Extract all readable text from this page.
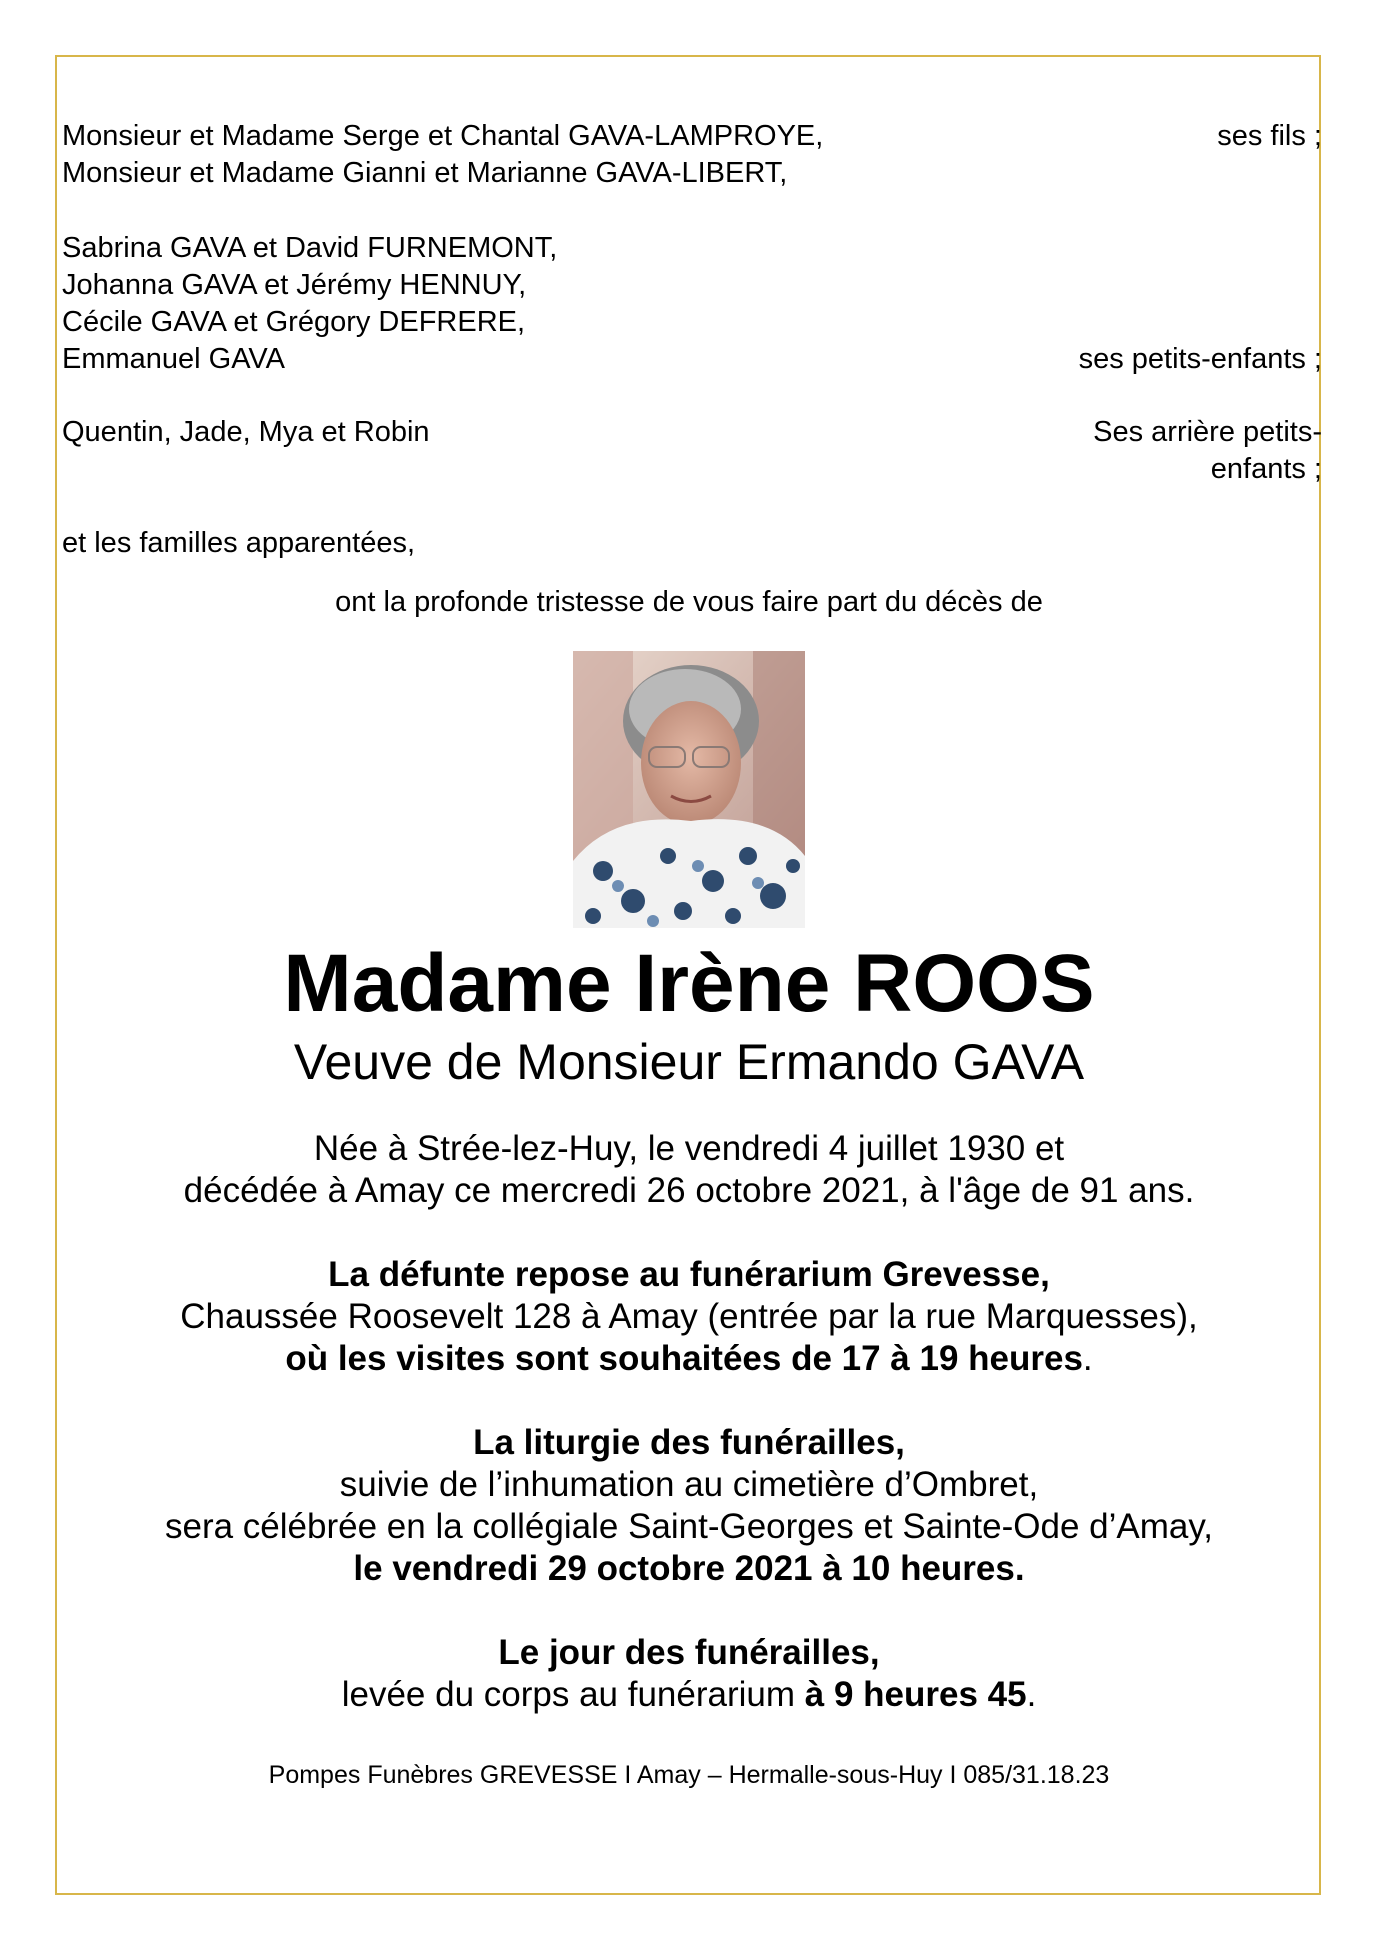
Monsieur et Madame Serge et Chantal GAVA-LAMPROYE,
Monsieur et Madame Gianni et Marianne GAVA-LIBERT,
ses fils ;
Sabrina GAVA et David FURNEMONT,
Johanna GAVA et Jérémy HENNUY,
Cécile GAVA et Grégory DEFRERE,
Emmanuel GAVA	ses petits-enfants ;
Quentin, Jade, Mya et Robin	Ses arrière petits-
enfants ;
et les familles apparentées,
ont la profonde tristesse de vous faire part du décès de
Madame Irène ROOS
Veuve de Monsieur Ermando GAVA
Née à Strée-lez-Huy, le vendredi 4 juillet 1930 et
décédée à Amay ce mercredi 26 octobre 2021, à l'âge de 91 ans.
La défunte repose au funérarium Grevesse,
Chaussée Roosevelt 128 à Amay (entrée par la rue Marquesses),
où les visites sont souhaitées de 17 à 19 heures.
La liturgie des funérailles,
suivie de l’inhumation au cimetière d’Ombret,
sera célébrée en la collégiale Saint-Georges et Sainte-Ode d’Amay,
le vendredi 29 octobre 2021 à 10 heures.
Le jour des funérailles,
levée du corps au funérarium à 9 heures 45.
Pompes Funèbres GREVESSE I Amay – Hermalle-sous-Huy I 085/31.18.23
